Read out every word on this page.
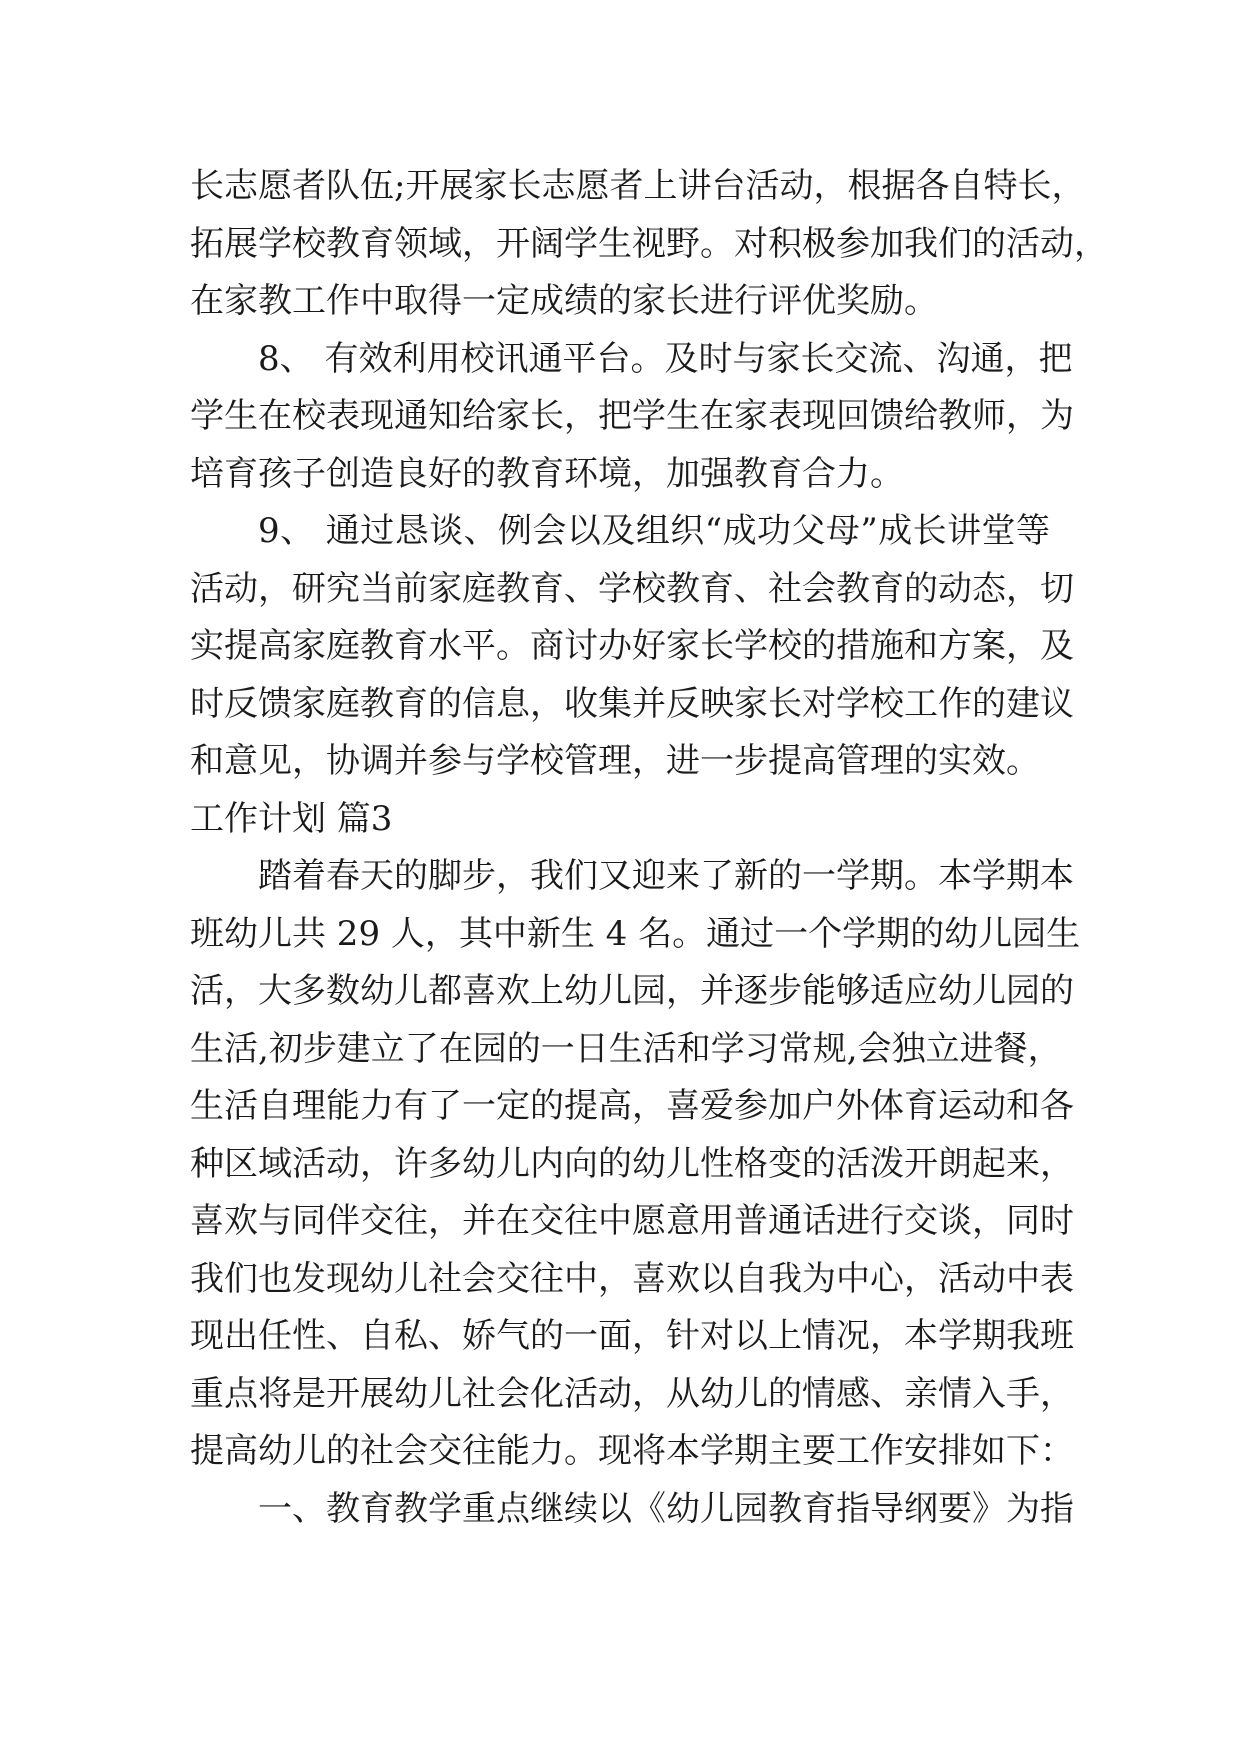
长志愿者队伍;开展家长志愿者上讲台活动，根据各自特长，
拓展学校教育领域，开阔学生视野。对积极参加我们的活动，
在家教工作中取得一定成绩的家长进行评优奖励。
8、 有效利用校讯通平台。及时与家长交流、沟通，把
学生在校表现通知给家长，把学生在家表现回馈给教师，为
培育孩子创造良好的教育环境，加强教育合力。
9、 通过恳谈、例会以及组织“成功父母”成长讲堂等
活动，研究当前家庭教育、学校教育、社会教育的动态，切
实提高家庭教育水平。商讨办好家长学校的措施和方案，及
时反馈家庭教育的信息，收集并反映家长对学校工作的建议
和意见，协调并参与学校管理，进一步提高管理的实效。
工作计划 篇3
踏着春天的脚步，我们又迎来了新的一学期。本学期本
班幼儿共 29 人，其中新生 4 名。通过一个学期的幼儿园生
活，大多数幼儿都喜欢上幼儿园，并逐步能够适应幼儿园的
生活,初步建立了在园的一日生活和学习常规,会独立进餐，
生活自理能力有了一定的提高，喜爱参加户外体育运动和各
种区域活动，许多幼儿内向的幼儿性格变的活泼开朗起来，
喜欢与同伴交往，并在交往中愿意用普通话进行交谈，同时
我们也发现幼儿社会交往中，喜欢以自我为中心，活动中表
现出任性、自私、娇气的一面，针对以上情况，本学期我班
重点将是开展幼儿社会化活动，从幼儿的情感、亲情入手，
提高幼儿的社会交往能力。现将本学期主要工作安排如下：
一、教育教学重点继续以《幼儿园教育指导纲要》为指
